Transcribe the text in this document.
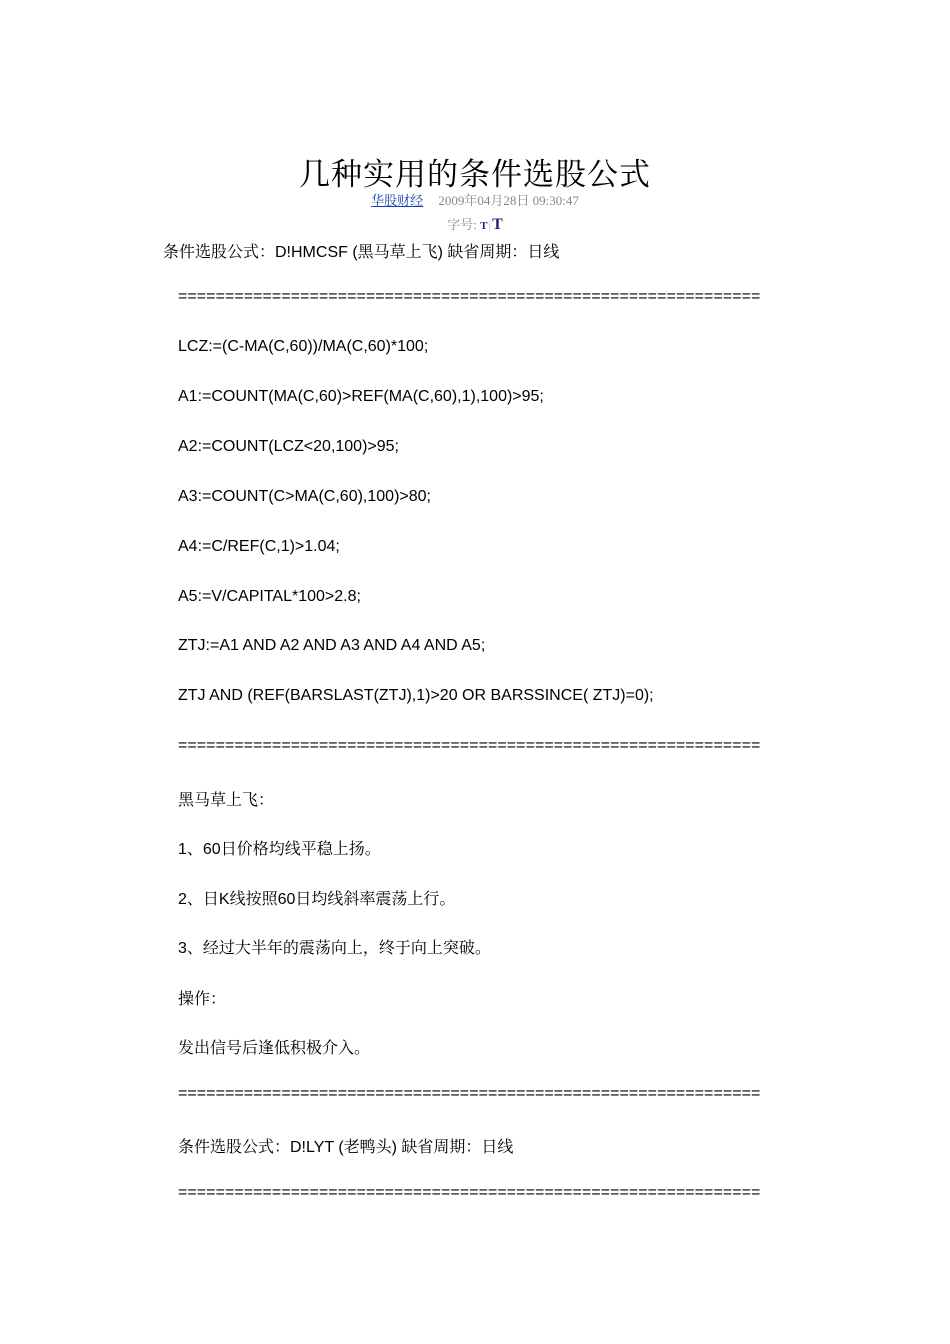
几种实用的条件选股公式
华股财经 2009年04月28日 09:30:47
字号: T|T
条件选股公式：D!HMCSF (黑马草上飞) 缺省周期：日线
==============================================================
LCZ:=(C-MA(C,60))/MA(C,60)*100;
A1:=COUNT(MA(C,60)>REF(MA(C,60),1),100)>95;
A2:=COUNT(LCZ<20,100)>95;
A3:=COUNT(C>MA(C,60),100)>80;
A4:=C/REF(C,1)>1.04;
A5:=V/CAPITAL*100>2.8;
ZTJ:=A1 AND A2 AND A3 AND A4 AND A5;
ZTJ AND (REF(BARSLAST(ZTJ),1)>20 OR BARSSINCE( ZTJ)=0);
==============================================================
黑马草上飞：
1、60日价格均线平稳上扬。
2、日K线按照60日均线斜率震荡上行。
3、经过大半年的震荡向上，终于向上突破。
操作：
发出信号后逢低积极介入。
==============================================================
条件选股公式：D!LYT (老鸭头) 缺省周期：日线
==============================================================
